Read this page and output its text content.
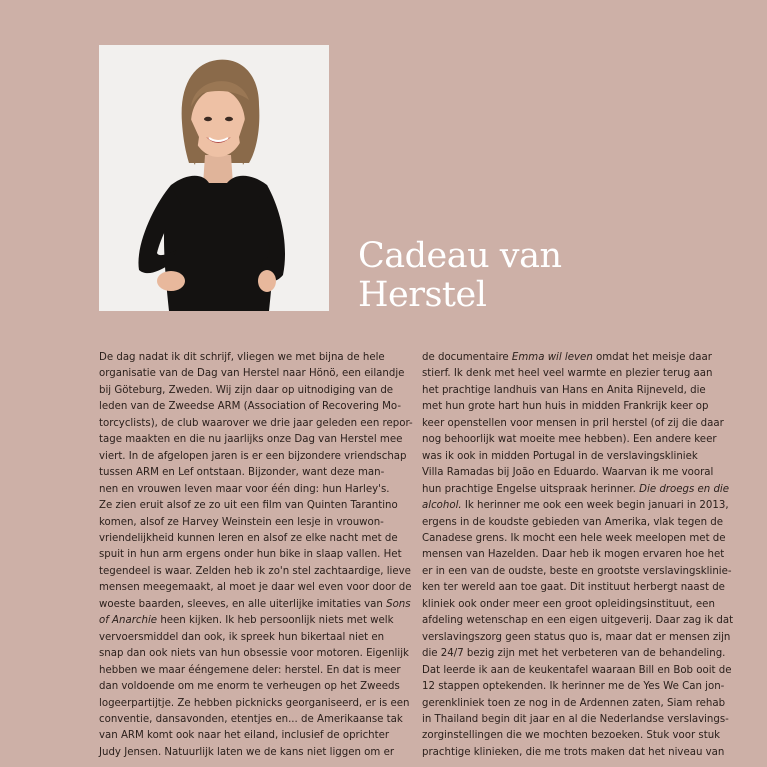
Cadeau van
Herstel

De dag nadat ik dit schrijf, vliegen we met bijna de hele

organisatie van de Dag van Herstel naar Hönö, een eilandje

bij Göteburg, Zweden. Wij zijn daar op uitnodiging van de

leden van de Zweedse ARM (Association of Recovering Mo-

torcyclists), de club waarover we drie jaar geleden een repor-

tage maakten en die nu jaarlijks onze Dag van Herstel mee

viert. In de afgelopen jaren is er een bijzondere vriendschap

tussen ARM en Lef ontstaan. Bijzonder, want deze man-

nen en vrouwen leven maar voor één ding: hun Harley's.

Ze zien eruit alsof ze zo uit een film van Quinten Tarantino

komen, alsof ze Harvey Weinstein een lesje in vrouwon-

vriendelijkheid kunnen leren en alsof ze elke nacht met de

spuit in hun arm ergens onder hun bike in slaap vallen. Het

tegendeel is waar. Zelden heb ik zo'n stel zachtaardige, lieve

mensen meegemaakt, al moet je daar wel even voor door de

woeste baarden, sleeves, en alle uiterlijke imitaties van Sons

of Anarchie heen kijken. Ik heb persoonlijk niets met welk

vervoersmiddel dan ook, ik spreek hun bikertaal niet en

snap dan ook niets van hun obsessie voor motoren. Eigenlijk

hebben we maar ééngemene deler: herstel. En dat is meer

dan voldoende om me enorm te verheugen op het Zweeds

logeerpartijtje. Ze hebben picknicks georganiseerd, er is een

conventie, dansavonden, etentjes en... de Amerikaanse tak

van ARM komt ook naar het eiland, inclusief de oprichter

Judy Jensen. Natuurlijk laten we de kans niet liggen om er

de documentaire Emma wil leven omdat het meisje daar

stierf. Ik denk met heel veel warmte en plezier terug aan

het prachtige landhuis van Hans en Anita Rijneveld, die

met hun grote hart hun huis in midden Frankrijk keer op

keer openstellen voor mensen in pril herstel (of zij die daar

nog behoorlijk wat moeite mee hebben). Een andere keer

was ik ook in midden Portugal in de verslavingskliniek

Villa Ramadas bij João en Eduardo. Waarvan ik me vooral

hun prachtige Engelse uitspraak herinner. Die droegs en die

alcohol. Ik herinner me ook een week begin januari in 2013,

ergens in de koudste gebieden van Amerika, vlak tegen de

Canadese grens. Ik mocht een hele week meelopen met de

mensen van Hazelden. Daar heb ik mogen ervaren hoe het

er in een van de oudste, beste en grootste verslavingsklinie-

ken ter wereld aan toe gaat. Dit instituut herbergt naast de

kliniek ook onder meer een groot opleidingsinstituut, een

afdeling wetenschap en een eigen uitgeverij. Daar zag ik dat

verslavingszorg geen status quo is, maar dat er mensen zijn

die 24/7 bezig zijn met het verbeteren van de behandeling.

Dat leerde ik aan de keukentafel waaraan Bill en Bob ooit de

12 stappen optekenden. Ik herinner me de Yes We Can jon-

gerenkliniek toen ze nog in de Ardennen zaten, Siam rehab

in Thailand begin dit jaar en al die Nederlandse verslavings-

zorginstellingen die we mochten bezoeken. Stuk voor stuk

prachtige klinieken, die me trots maken dat het niveau van
